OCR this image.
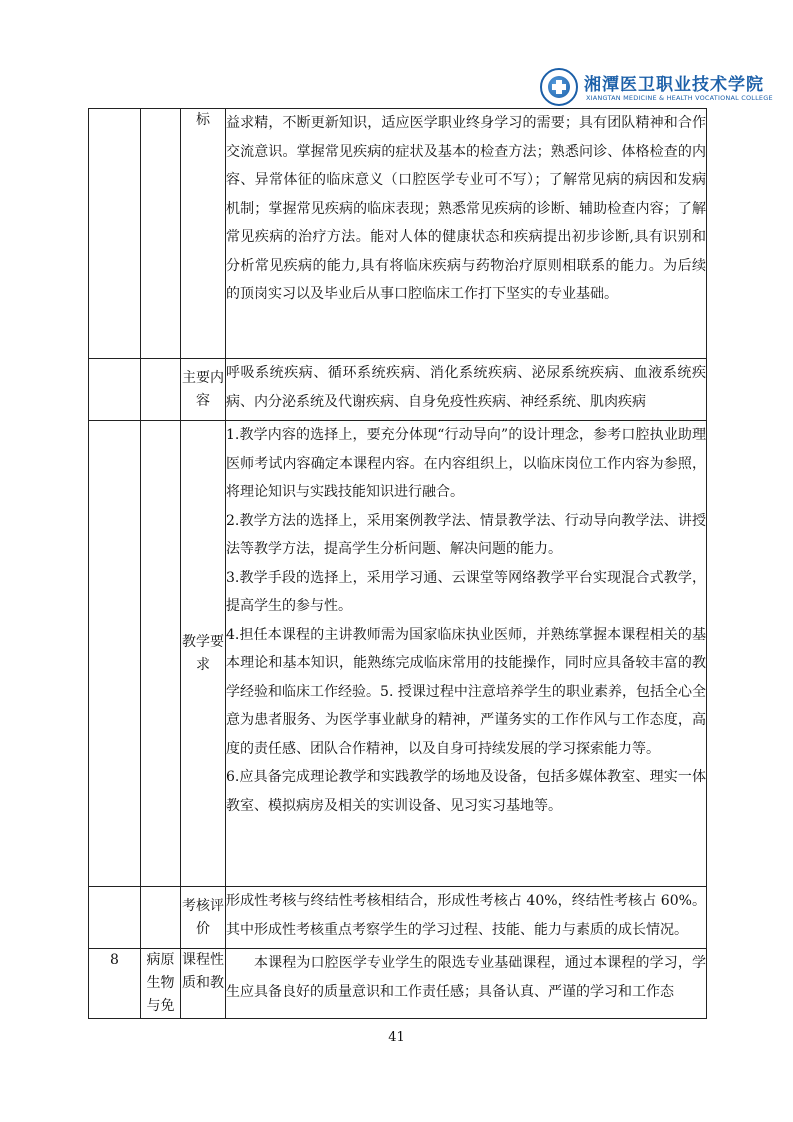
湘潭医卫职业技术学院
XIANGTAN MEDICINE & HEALTH VOCATIONAL COLLEGE
		标	益求精，不断更新知识，适应医学职业终身学习的需要；具有团队精神和合作交流意识。掌握常见疾病的症状及基本的检查方法；熟悉问诊、体格检查的内容、异常体征的临床意义（口腔医学专业可不写）；了解常见病的病因和发病机制；掌握常见疾病的临床表现；熟悉常见疾病的诊断、辅助检查内容；了解常见疾病的治疗方法。能对人体的健康状态和疾病提出初步诊断,具有识别和分析常见疾病的能力,具有将临床疾病与药物治疗原则相联系的能力。为后续的顶岗实习以及毕业后从事口腔临床工作打下坚实的专业基础。
		主要内容	呼吸系统疾病、循环系统疾病、消化系统疾病、泌尿系统疾病、血液系统疾病、内分泌系统及代谢疾病、自身免疫性疾病、神经系统、肌肉疾病
		教学要求	1.教学内容的选择上，要充分体现“行动导向”的设计理念，参考口腔执业助理医师考试内容确定本课程内容。在内容组织上，以临床岗位工作内容为参照，将理论知识与实践技能知识进行融合。

2.教学方法的选择上，采用案例教学法、情景教学法、行动导向教学法、讲授法等教学方法，提高学生分析问题、解决问题的能力。

3.教学手段的选择上，采用学习通、云课堂等网络教学平台实现混合式教学，提高学生的参与性。

4.担任本课程的主讲教师需为国家临床执业医师，并熟练掌握本课程相关的基本理论和基本知识，能熟练完成临床常用的技能操作，同时应具备较丰富的教学经验和临床工作经验。5. 授课过程中注意培养学生的职业素养，包括全心全意为患者服务、为医学事业献身的精神，严谨务实的工作作风与工作态度，高度的责任感、团队合作精神，以及自身可持续发展的学习探索能力等。

6.应具备完成理论教学和实践教学的场地及设备，包括多媒体教室、理实一体教室、模拟病房及相关的实训设备、见习实习基地等。

		考核评价	形成性考核与终结性考核相结合，形成性考核占 40%，终结性考核占 60%。其中形成性考核重点考察学生的学习过程、技能、能力与素质的成长情况。
8	病原生物与免	课程性质和教	本课程为口腔医学专业学生的限选专业基础课程，通过本课程的学习，学生应具备良好的质量意识和工作责任感；具备认真、严谨的学习和工作态
41
